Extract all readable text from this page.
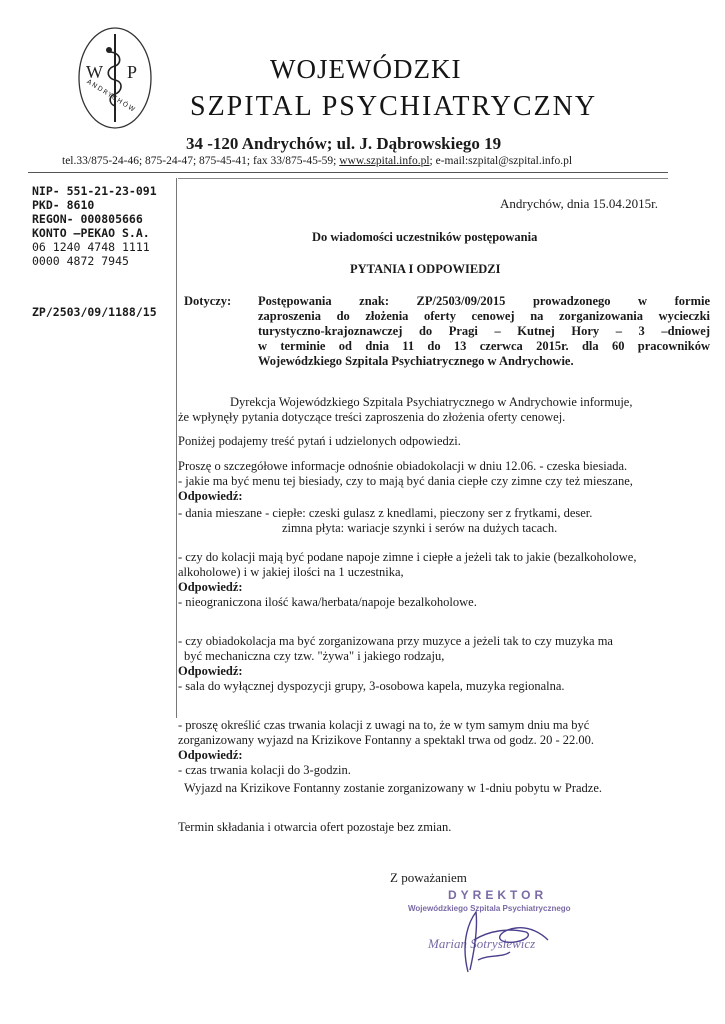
W P
ANDRYCHÓW
WOJEWÓDZKI
SZPITAL PSYCHIATRYCZNY
34 -120 Andrychów; ul. J. Dąbrowskiego 19
tel.33/875-24-46; 875-24-47; 875-45-41; fax 33/875-45-59; www.szpital.info.pl; e-mail:szpital@szpital.info.pl
NIP- 551-21-23-091
PKD- 8610
REGON- 000805666
KONTO –PEKAO S.A.
06 1240 4748 1111
0000 4872 7945
ZP/2503/09/1188/15
Andrychów, dnia 15.04.2015r.
Do wiadomości uczestników postępowania
PYTANIA I ODPOWIEDZI
Dotyczy: Postępowania znak: ZP/2503/09/2015 prowadzonego w formie
zaproszenia do złożenia oferty cenowej na zorganizowania wycieczki
turystyczno-krajoznawczej do Pragi – Kutnej Hory – 3 –dniowej
w terminie od dnia 11 do 13 czerwca 2015r. dla 60 pracowników
Wojewódzkiego Szpitala Psychiatrycznego w Andrychowie.
Dyrekcja Wojewódzkiego Szpitala Psychiatrycznego w Andrychowie informuje,
że wpłynęły pytania dotyczące treści zaproszenia do złożenia oferty cenowej.
Poniżej podajemy treść pytań i udzielonych odpowiedzi.
Proszę o szczegółowe informacje odnośnie obiadokolacji w dniu 12.06. - czeska biesiada.
- jakie ma być menu tej biesiady, czy to mają być dania ciepłe czy zimne czy też mieszane,
Odpowiedź:
- dania mieszane - ciepłe: czeski gulasz z knedlami, pieczony ser z frytkami, deser.
zimna płyta: wariacje szynki i serów na dużych tacach.
- czy do kolacji mają być podane napoje zimne i ciepłe a jeżeli tak to jakie (bezalkoholowe,
alkoholowe) i w jakiej ilości na 1 uczestnika,
Odpowiedź:
- nieograniczona ilość kawa/herbata/napoje bezalkoholowe.
- czy obiadokolacja ma być zorganizowana przy muzyce a jeżeli tak to czy muzyka ma
być mechaniczna czy tzw. "żywa" i jakiego rodzaju,
Odpowiedź:
- sala do wyłącznej dyspozycji grupy, 3-osobowa kapela, muzyka regionalna.
- proszę określić czas trwania kolacji z uwagi na to, że w tym samym dniu ma być
zorganizowany wyjazd na Krizikove Fontanny a spektakl trwa od godz. 20 - 22.00.
Odpowiedź:
- czas trwania kolacji do 3-godzin.
Wyjazd na Krizikove Fontanny zostanie zorganizowany w 1-dniu pobytu w Pradze.
Termin składania i otwarcia ofert pozostaje bez zmian.
Z poważaniem
DYREKTOR
Wojewódzkiego Szpitala Psychiatrycznego
Marian Sotrysiewicz
